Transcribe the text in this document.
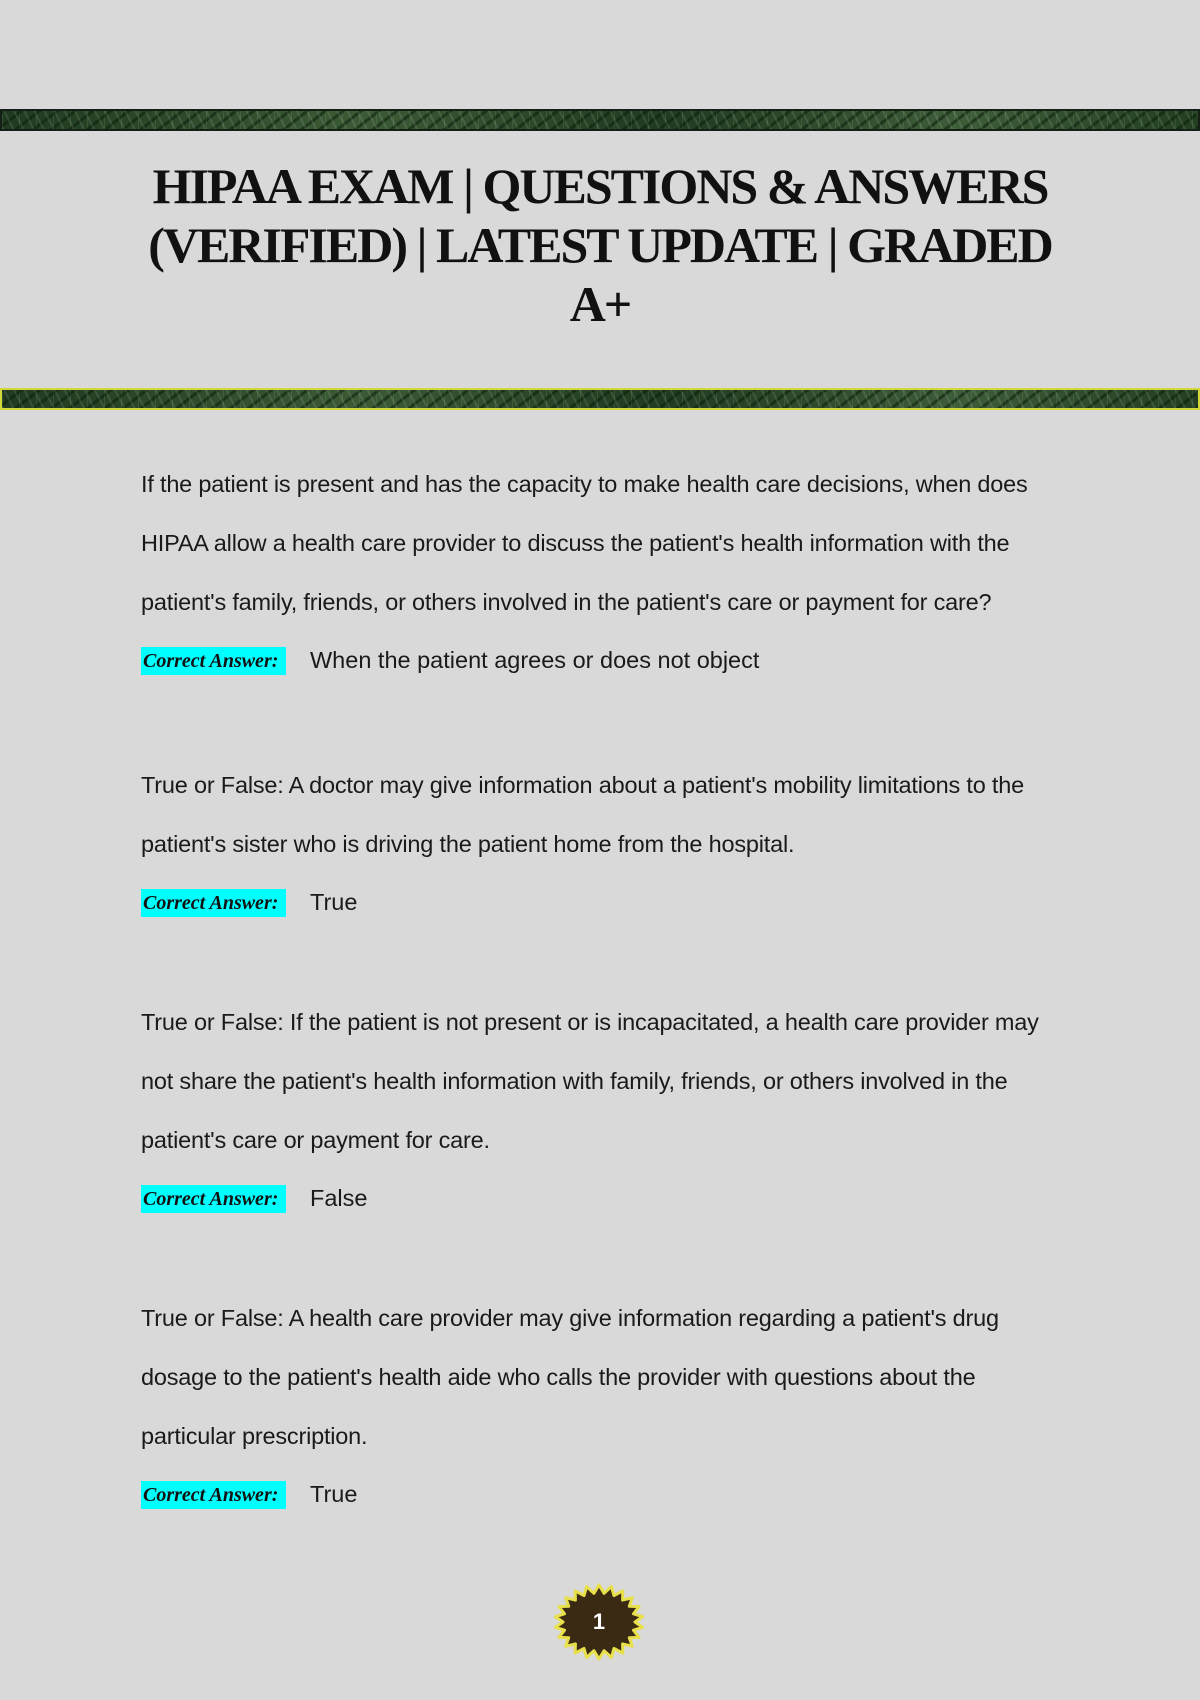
HIPAA EXAM | QUESTIONS & ANSWERS (VERIFIED) | LATEST UPDATE | GRADED A+

If the patient is present and has the capacity to make health care decisions, when does HIPAA allow a health care provider to discuss the patient's health information with the patient's family, friends, or others involved in the patient's care or payment for care?

Correct Answer:	When the patient agrees or does not object

True or False: A doctor may give information about a patient's mobility limitations to the patient's sister who is driving the patient home from the hospital.

Correct Answer:	True

True or False: If the patient is not present or is incapacitated, a health care provider may not share the patient's health information with family, friends, or others involved in the patient's care or payment for care.

Correct Answer:	False

True or False: A health care provider may give information regarding a patient's drug dosage to the patient's health aide who calls the provider with questions about the particular prescription.

Correct Answer:	True
1
